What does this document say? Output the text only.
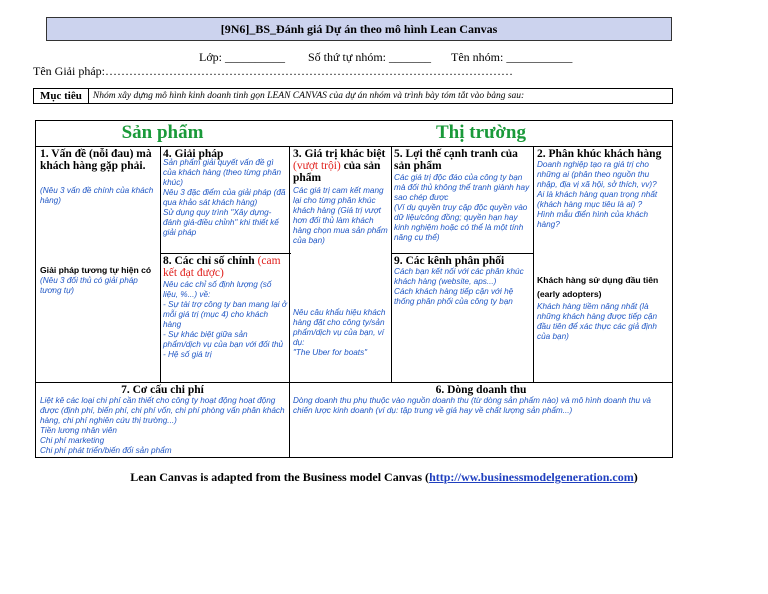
[9N6]_BS_Đánh giá Dự án theo mô hình Lean Canvas
Lớp: __________ Số thứ tự nhóm: _______ Tên nhóm: ___________
Tên Giải pháp:…………………………………………………………………………………………
Mục tiêu	Nhóm xây dựng mô hình kinh doanh tinh gọn LEAN CANVAS của dự án nhóm và trình bày tóm tắt vào bảng sau:
Sản phẩm	Thị trường
1. Vấn đề (nỗi đau) mà khách hàng gặp phải.
(Nêu 3 vấn đề chính của khách hàng)
Giải pháp tương tự hiện có
(Nêu 3 đối thủ có giải pháp tương tự)
4. Giải pháp
Sản phẩm giải quyết vấn đề gì của khách hàng (theo từng phân khúc)
Nêu 3 đặc điểm của giải pháp (đã qua khảo sát khách hàng)
Sử dụng quy trình "Xây dựng-đánh giá-điều chỉnh" khi thiết kế giải pháp
8. Các chỉ số chính (cam kết đạt được)
Nêu các chỉ số định lượng (số liệu, %...) về:
- Sự tài trợ công ty ban mang lại ở mỗi giá trị (mục 4) cho khách hàng
- Sự khác biệt giữa sản phẩm/dịch vụ của bạn với đối thủ
- Hệ số giá trị
3. Giá trị khác biệt (vượt trội) của sản phẩm
Các giá trị cam kết mang lại cho từng phân khúc khách hàng (Giá trị vượt hơn đối thủ làm khách hàng chọn mua sản phẩm của bạn)
Nêu câu khẩu hiệu khách hàng đặt cho công ty/sản phẩm/dịch vụ của bạn, ví dụ:
"The Uber for boats"
5. Lợi thế cạnh tranh của sản phẩm
Các giá trị độc đáo của công ty bạn mà đối thủ không thể tranh giành hay sao chép được
(Ví dụ quyền truy cập độc quyền vào dữ liệu/công đồng; quyền hạn hay kinh nghiệm hoặc có thể là một tính năng cụ thể)
9. Các kênh phân phối
Cách bạn kết nối với các phân khúc khách hàng (website, aps...)
Cách khách hàng tiếp cận với hệ thống phân phối của công ty bạn
2. Phân khúc khách hàng
Doanh nghiệp tạo ra giá trị cho những ai (phân theo nguồn thu nhập, địa vị xã hội, sở thích, vv)?
Ai là khách hàng quan trọng nhất (khách hàng mục tiêu là ai) ?
Hình mẫu điển hình của khách hàng?
Khách hàng sử dụng đầu tiên
(early adopters)
Khách hàng tiềm năng nhất (là những khách hàng được tiếp cận đầu tiên để xác thực các giả định của bạn)
7. Cơ cấu chi phí
Liệt kê các loại chi phí cần thiết cho công ty hoạt động hoạt động được (định phí, biến phí, chi phí vốn, chi phí phòng vấn phân khách hàng, chi phí nghiên cứu thị trường...)
Tiền lương nhân viên
Chi phí marketing
Chi phí phát triển/biến đổi sản phẩm
6. Dòng doanh thu
Dòng doanh thu phụ thuộc vào nguồn doanh thu (từ dòng sản phẩm nào) và mô hình doanh thu và chiến lược kinh doanh (ví dụ: tập trung về giá hay về chất lượng sản phẩm...)
Lean Canvas is adapted from the Business model Canvas (http://ww.businessmodelgeneration.com)
